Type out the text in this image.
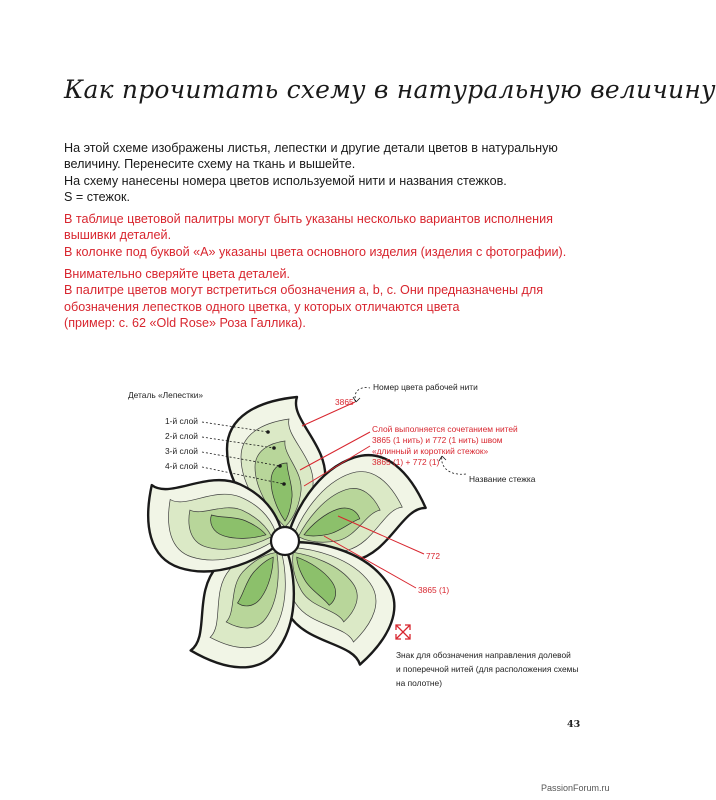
Как прочитать схему в натуральную величину

На этой схеме изображены листья, лепестки и другие детали цветов в натуральную

величину. Перенесите схему на ткань и вышейте.

На схему нанесены номера цветов используемой нити и названия стежков.

S = стежок.

В таблице цветовой палитры могут быть указаны несколько вариантов исполнения

вышивки деталей.

В колонке под буквой «А» указаны цвета основного изделия (изделия с фотографии).

Внимательно сверяйте цвета деталей.

В палитре цветов могут встретиться обозначения a, b, c. Они предназначены для

обозначения лепестков одного цветка, у которых отличаются цвета

(пример: с. 62 «Old Rose» Роза Галлика).

Деталь «Лепестки»
1-й слой
2-й слой
3-й слой
4-й слой
Номер цвета рабочей нити
3865
Слой выполняется сочетанием нитей
3865 (1 нить) и 772 (1 нить) швом
«длинный и короткий стежок»
3865 (1) + 772 (1)
Название стежка
772
3865 (1)

Знак для обозначения направления долевой

и поперечной нитей (для расположения схемы

на полотне)

43
PassionForum.ru
